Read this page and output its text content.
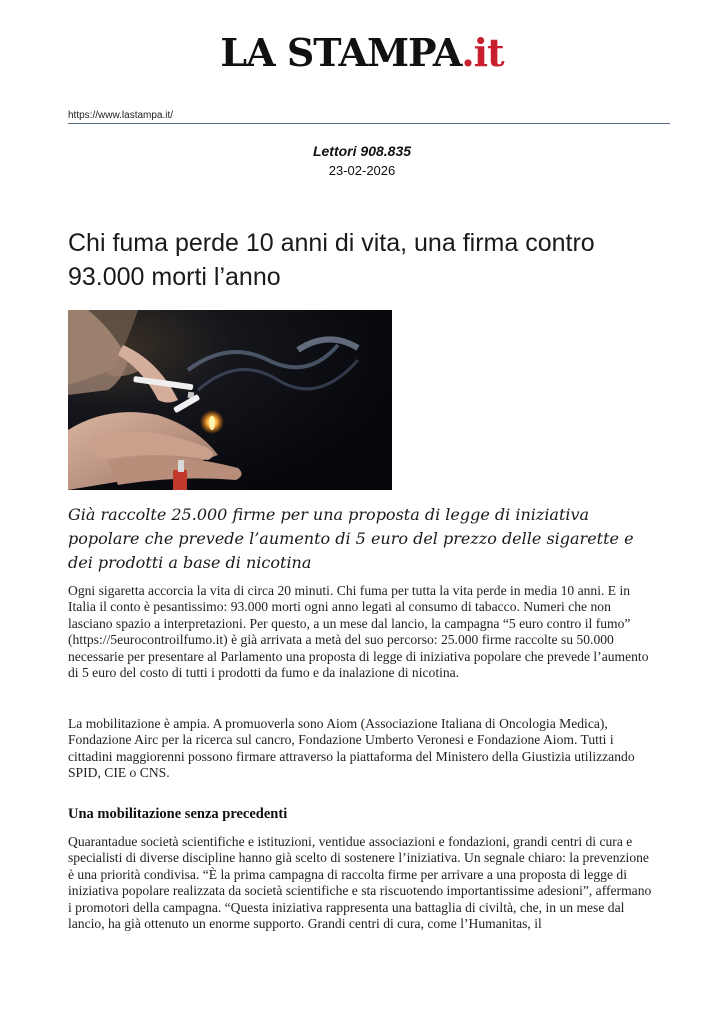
LA STAMPA.it
https://www.lastampa.it/
Lettori 908.835
23-02-2026
Chi fuma perde 10 anni di vita, una firma contro 93.000 morti l’anno
Già raccolte 25.000 firme per una proposta di legge di iniziativa popolare che prevede l’aumento di 5 euro del prezzo delle sigarette e dei prodotti a base di nicotina

Ogni sigaretta accorcia la vita di circa 20 minuti. Chi fuma per tutta la vita perde in media 10 anni. E in Italia il conto è pesantissimo: 93.000 morti ogni anno legati al consumo di tabacco. Numeri che non lasciano spazio a interpretazioni. Per questo, a un mese dal lancio, la campagna “5 euro contro il fumo” (https://5eurocontroilfumo.it) è già arrivata a metà del suo percorso: 25.000 firme raccolte su 50.000 necessarie per presentare al Parlamento una proposta di legge di iniziativa popolare che prevede l’aumento di 5 euro del costo di tutti i prodotti da fumo e da inalazione di nicotina.

La mobilitazione è ampia. A promuoverla sono Aiom (Associazione Italiana di Oncologia Medica), Fondazione Airc per la ricerca sul cancro, Fondazione Umberto Veronesi e Fondazione Aiom. Tutti i cittadini maggiorenni possono firmare attraverso la piattaforma del Ministero della Giustizia utilizzando SPID, CIE o CNS.

Una mobilitazione senza precedenti

Quarantadue società scientifiche e istituzioni, ventidue associazioni e fondazioni, grandi centri di cura e specialisti di diverse discipline hanno già scelto di sostenere l’iniziativa. Un segnale chiaro: la prevenzione è una priorità condivisa. “È la prima campagna di raccolta firme per arrivare a una proposta di legge di iniziativa popolare realizzata da società scientifiche e sta riscuotendo importantissime adesioni”, affermano i promotori della campagna. “Questa iniziativa rappresenta una battaglia di civiltà, che, in un mese dal lancio, ha già ottenuto un enorme supporto. Grandi centri di cura, come l’Humanitas, il
